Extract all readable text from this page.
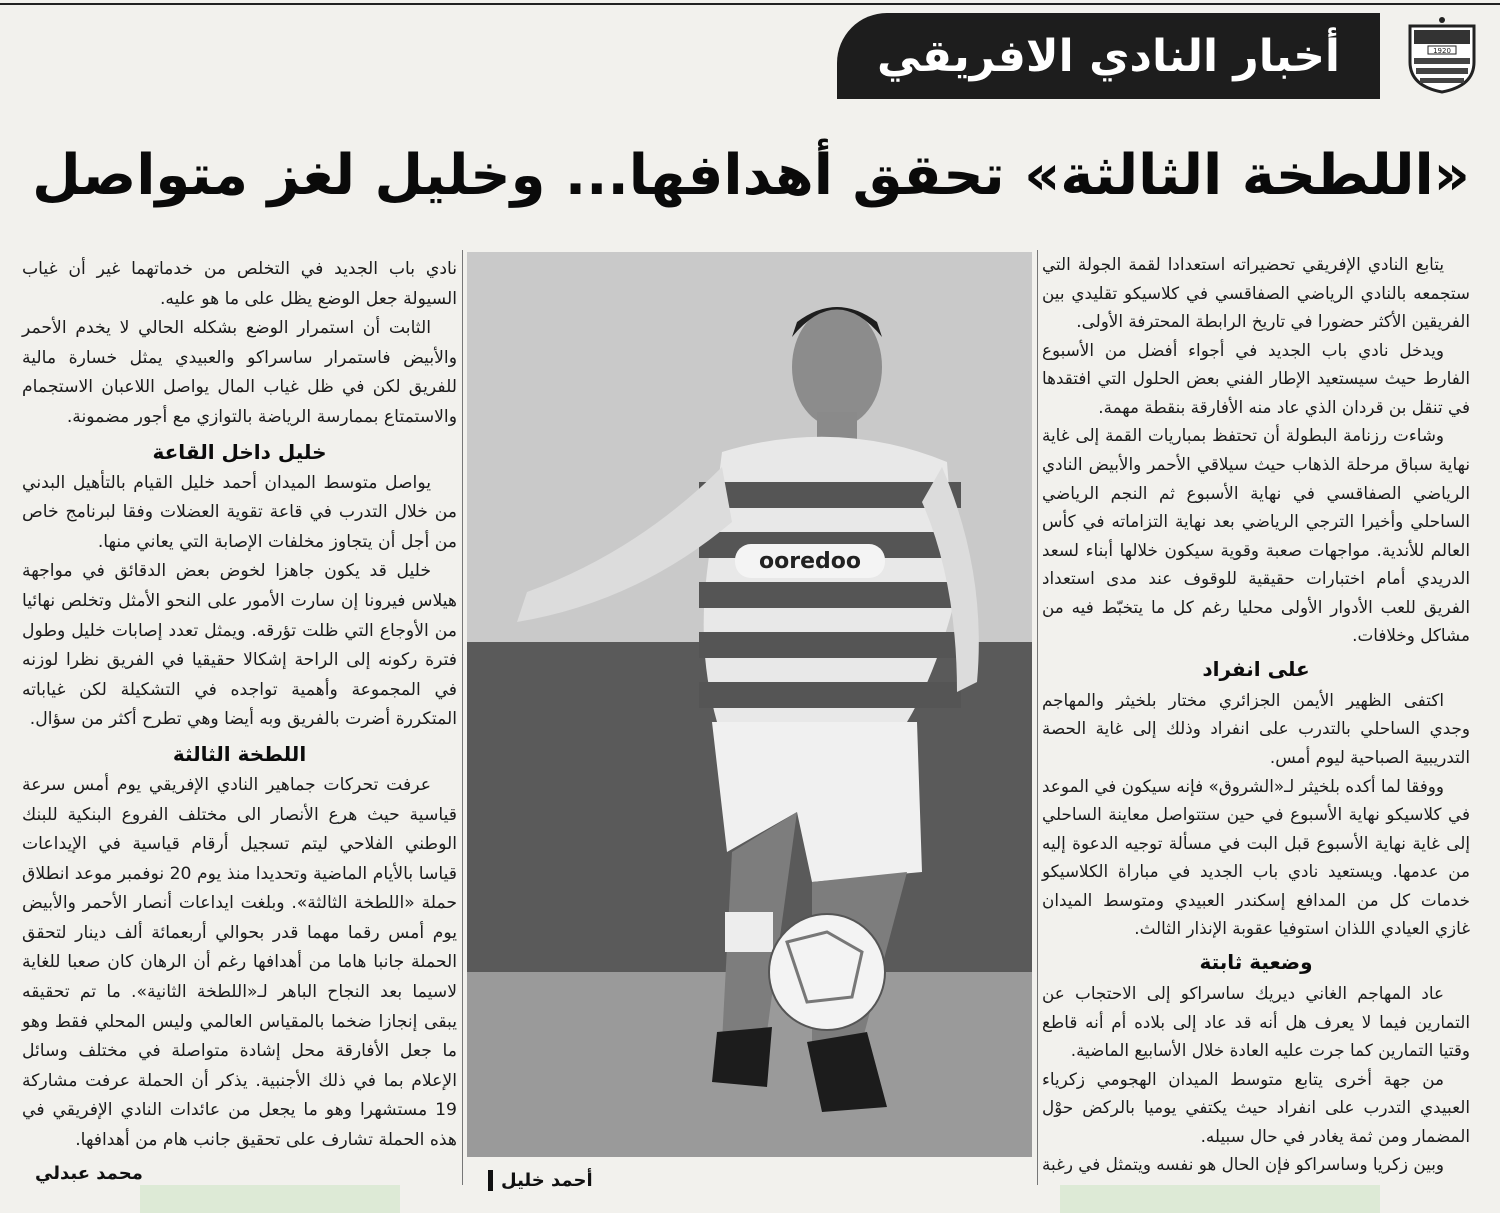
1920
أخبار النادي الافريقي
«اللطخة الثالثة» تحقق أهدافها... وخليل لغز متواصل

يتابع النادي الإفريقي تحضيراته استعدادا لقمة الجولة التي ستجمعه بالنادي الرياضي الصفاقسي في كلاسيكو تقليدي بين الفريقين الأكثر حضورا في تاريخ الرابطة المحترفة الأولى.

ويدخل نادي باب الجديد في أجواء أفضل من الأسبوع الفارط حيث سيستعيد الإطار الفني بعض الحلول التي افتقدها في تنقل بن قردان الذي عاد منه الأفارقة بنقطة مهمة.

وشاءت رزنامة البطولة أن تحتفظ بمباريات القمة إلى غاية نهاية سباق مرحلة الذهاب حيث سيلاقي الأحمر والأبيض النادي الرياضي الصفاقسي في نهاية الأسبوع ثم النجم الرياضي الساحلي وأخيرا الترجي الرياضي بعد نهاية التزاماته في كأس العالم للأندية. مواجهات صعبة وقوية سيكون خلالها أبناء لسعد الدريدي أمام اختبارات حقيقية للوقوف عند مدى استعداد الفريق للعب الأدوار الأولى محليا رغم كل ما يتخبّط فيه من مشاكل وخلافات.

على انفراد

اكتفى الظهير الأيمن الجزائري مختار بلخيثر والمهاجم وجدي الساحلي بالتدرب على انفراد وذلك إلى غاية الحصة التدريبية الصباحية ليوم أمس.

ووفقا لما أكده بلخيثر لـ«الشروق» فإنه سيكون في الموعد في كلاسيكو نهاية الأسبوع في حين ستتواصل معاينة الساحلي إلى غاية نهاية الأسبوع قبل البت في مسألة توجيه الدعوة إليه من عدمها. ويستعيد نادي باب الجديد في مباراة الكلاسيكو خدمات كل من المدافع إسكندر العبيدي ومتوسط الميدان غازي العيادي اللذان استوفيا عقوبة الإنذار الثالث.

وضعية ثابتة

عاد المهاجم الغاني ديريك ساسراكو إلى الاحتجاب عن التمارين فيما لا يعرف هل أنه قد عاد إلى بلاده أم أنه قاطع وقتيا التمارين كما جرت عليه العادة خلال الأسابيع الماضية.

من جهة أخرى يتابع متوسط الميدان الهجومي زكرياء العبيدي التدرب على انفراد حيث يكتفي يوميا بالركض حوْل المضمار ومن ثمة يغادر في حال سبيله.

وبين زكريا وساسراكو فإن الحال هو نفسه ويتمثل في رغبة

ooredoo

نادي باب الجديد في التخلص من خدماتهما غير أن غياب السيولة جعل الوضع يظل على ما هو عليه.

الثابت أن استمرار الوضع بشكله الحالي لا يخدم الأحمر والأبيض فاستمرار ساسراكو والعبيدي يمثل خسارة مالية للفريق لكن في ظل غياب المال يواصل اللاعبان الاستجمام والاستمتاع بممارسة الرياضة بالتوازي مع أجور مضمونة.

خليل داخل القاعة

يواصل متوسط الميدان أحمد خليل القيام بالتأهيل البدني من خلال التدرب في قاعة تقوية العضلات وفقا لبرنامج خاص من أجل أن يتجاوز مخلفات الإصابة التي يعاني منها.

خليل قد يكون جاهزا لخوض بعض الدقائق في مواجهة هيلاس فيرونا إن سارت الأمور على النحو الأمثل وتخلص نهائيا من الأوجاع التي ظلت تؤرقه. ويمثل تعدد إصابات خليل وطول فترة ركونه إلى الراحة إشكالا حقيقيا في الفريق نظرا لوزنه في المجموعة وأهمية تواجده في التشكيلة لكن غياباته المتكررة أضرت بالفريق وبه أيضا وهي تطرح أكثر من سؤال.

اللطخة الثالثة

عرفت تحركات جماهير النادي الإفريقي يوم أمس سرعة قياسية حيث هرع الأنصار الى مختلف الفروع البنكية للبنك الوطني الفلاحي ليتم تسجيل أرقام قياسية في الإيداعات قياسا بالأيام الماضية وتحديدا منذ يوم 20 نوفمبر موعد انطلاق حملة «اللطخة الثالثة». وبلغت ايداعات أنصار الأحمر والأبيض يوم أمس رقما مهما قدر بحوالي أربعمائة ألف دينار لتحقق الحملة جانبا هاما من أهدافها رغم أن الرهان كان صعبا للغاية لاسيما بعد النجاح الباهر لـ«اللطخة الثانية». ما تم تحقيقه يبقى إنجازا ضخما بالمقياس العالمي وليس المحلي فقط وهو ما جعل الأفارقة محل إشادة متواصلة في مختلف وسائل الإعلام بما في ذلك الأجنبية. يذكر أن الحملة عرفت مشاركة 19 مستشهرا وهو ما يجعل من عائدات النادي الإفريقي في هذه الحملة تشارف على تحقيق جانب هام من أهدافها.

أحمد خليل
محمد عبدلي
